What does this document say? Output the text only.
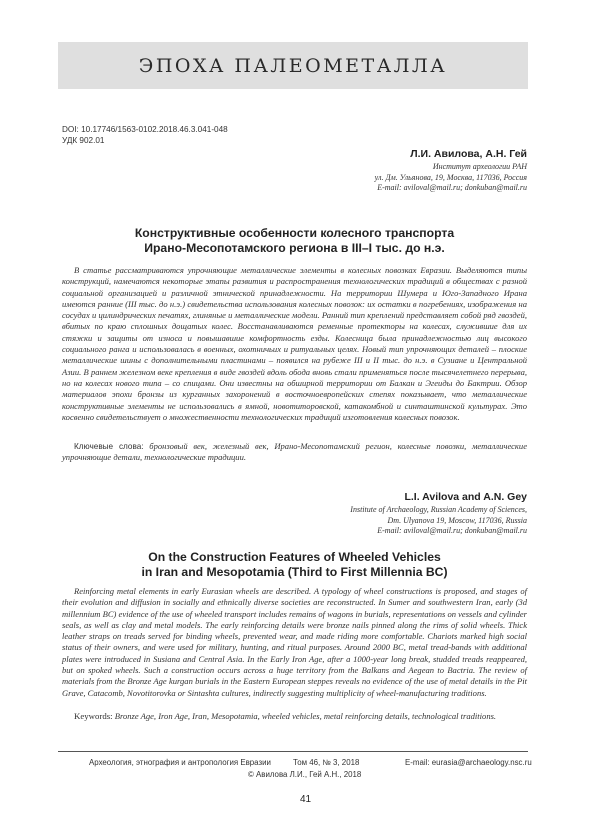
ЭПОХА ПАЛЕОМЕТАЛЛА
DOI: 10.17746/1563-0102.2018.46.3.041-048
УДК 902.01
Л.И. Авилова, А.Н. Гей
Институт археологии РАН
ул. Дм. Ульянова, 19, Москва, 117036, Россия
E-mail: aviloval@mail.ru; donkuban@mail.ru
Конструктивные особенности колесного транспорта
Ирано-Месопотамского региона в III–I тыс. до н.э.

В статье рассматриваются упрочняющие металлические элементы в колесных повозках Евразии. Выделяются типы конструкций, намечаются некоторые этапы развития и распространения технологических традиций в обществах с разной социальной организацией и различной этнической принадлежности. На территории Шумера и Юго-Западного Ирана имеются ранние (III тыс. до н.э.) свидетельства использования колесных повозок: их остатки в погребениях, изображения на сосудах и цилиндрических печатях, глиняные и металлические модели. Ранний тип креплений представляет собой ряд гвоздей, вбитых по краю сплошных дощатых колес. Восстанавливаются ременные протекторы на колесах, служившие для их стяжки и защиты от износа и повышавшие комфортность езды. Колесница была принадлежностью лиц высокого социального ранга и использовалась в военных, охотничьих и ритуальных целях. Новый тип упрочняющих деталей – плоские металлические шины с дополнительными пластинами – появился на рубеже III и II тыс. до н.э. в Сузиане и Центральной Азии. В раннем железном веке крепления в виде гвоздей вдоль обода вновь стали применяться после тысячелетнего перерыва, но на колесах нового типа – со спицами. Они известны на обширной территории от Балкан и Эгеиды до Бактрии. Обзор материалов эпохи бронзы из курганных захоронений в восточноевропейских степях показывает, что металлические конструктивные элементы не использовались в ямной, новотиторовской, катакомбной и синташтинской культурах. Это косвенно свидетельствует о множественности технологических традиций изготовления колесных повозок.

Ключевые слова: бронзовый век, железный век, Ирано-Месопотамский регион, колесные повозки, металлические упрочняющие детали, технологические традиции.

L.I. Avilova and A.N. Gey
Institute of Archaeology, Russian Academy of Sciences,
Dm. Ulyanova 19, Moscow, 117036, Russia
E-mail: aviloval@mail.ru; donkuban@mail.ru
On the Construction Features of Wheeled Vehicles
in Iran and Mesopotamia (Third to First Millennia BC)

Reinforcing metal elements in early Eurasian wheels are described. A typology of wheel constructions is proposed, and stages of their evolution and diffusion in socially and ethnically diverse societies are reconstructed. In Sumer and southwestern Iran, early (3d millennium BC) evidence of the use of wheeled transport includes remains of wagons in burials, representations on vessels and cylinder seals, as well as clay and metal models. The early reinforcing details were bronze nails pinned along the rims of solid wheels. Thick leather straps on treads served for binding wheels, prevented wear, and made riding more comfortable. Chariots marked high social status of their owners, and were used for military, hunting, and ritual purposes. Around 2000 BC, metal tread-bands with additional plates were introduced in Susiana and Central Asia. In the Early Iron Age, after a 1000-year long break, studded treads reappeared, but on spoked wheels. Such a construction occurs across a huge territory from the Balkans and Aegean to Bactria. The review of materials from the Bronze Age kurgan burials in the Eastern European steppes reveals no evidence of the use of metal details in the Pit Grave, Catacomb, Novotitorovka or Sintashta cultures, indirectly suggesting multiplicity of wheel-manufacturing traditions.

Keywords: Bronze Age, Iron Age, Iran, Mesopotamia, wheeled vehicles, metal reinforcing details, technological traditions.

Археология, этнография и антропология Евразии	Том 46, № 3, 2018	E-mail: eurasia@archaeology.nsc.ru
© Авилова Л.И., Гей А.Н., 2018
41
